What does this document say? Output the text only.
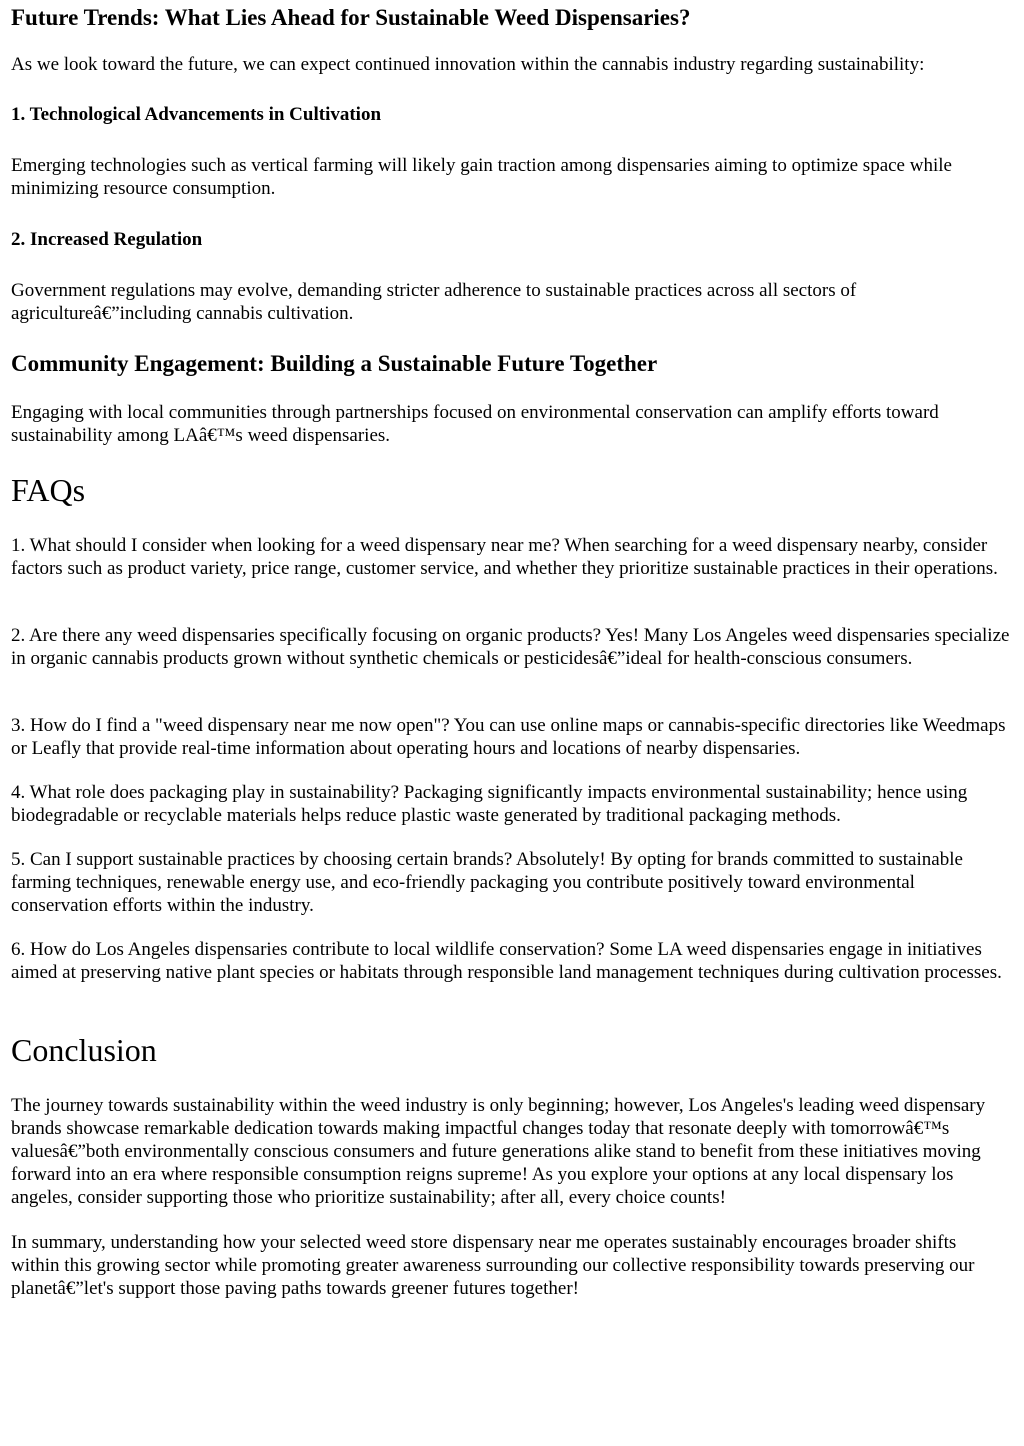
Future Trends: What Lies Ahead for Sustainable Weed Dispensaries?

As we look toward the future, we can expect continued innovation within the cannabis industry regarding sustainability:

1. Technological Advancements in Cultivation

Emerging technologies such as vertical farming will likely gain traction among dispensaries aiming to optimize space while minimizing resource consumption.

2. Increased Regulation

Government regulations may evolve, demanding stricter adherence to sustainable practices across all sectors of agricultureâ€”including cannabis cultivation.

Community Engagement: Building a Sustainable Future Together

Engaging with local communities through partnerships focused on environmental conservation can amplify efforts toward sustainability among LAâ€™s weed dispensaries.

FAQs

1. What should I consider when looking for a weed dispensary near me? When searching for a weed dispensary nearby, consider factors such as product variety, price range, customer service, and whether they prioritize sustainable practices in their operations.

2. Are there any weed dispensaries specifically focusing on organic products? Yes! Many Los Angeles weed dispensaries specialize in organic cannabis products grown without synthetic chemicals or pesticidesâ€”ideal for health-conscious consumers.

3. How do I find a "weed dispensary near me now open"? You can use online maps or cannabis-specific directories like Weedmaps or Leafly that provide real-time information about operating hours and locations of nearby dispensaries.

4. What role does packaging play in sustainability? Packaging significantly impacts environmental sustainability; hence using biodegradable or recyclable materials helps reduce plastic waste generated by traditional packaging methods.

5. Can I support sustainable practices by choosing certain brands? Absolutely! By opting for brands committed to sustainable farming techniques, renewable energy use, and eco-friendly packaging you contribute positively toward environmental conservation efforts within the industry.

6. How do Los Angeles dispensaries contribute to local wildlife conservation? Some LA weed dispensaries engage in initiatives aimed at preserving native plant species or habitats through responsible land management techniques during cultivation processes.

Conclusion

The journey towards sustainability within the weed industry is only beginning; however, Los Angeles's leading weed dispensary brands showcase remarkable dedication towards making impactful changes today that resonate deeply with tomorrowâ€™s valuesâ€”both environmentally conscious consumers and future generations alike stand to benefit from these initiatives moving forward into an era where responsible consumption reigns supreme! As you explore your options at any local dispensary los angeles, consider supporting those who prioritize sustainability; after all, every choice counts!

In summary, understanding how your selected weed store dispensary near me operates sustainably encourages broader shifts within this growing sector while promoting greater awareness surrounding our collective responsibility towards preserving our planetâ€”let's support those paving paths towards greener futures together!
